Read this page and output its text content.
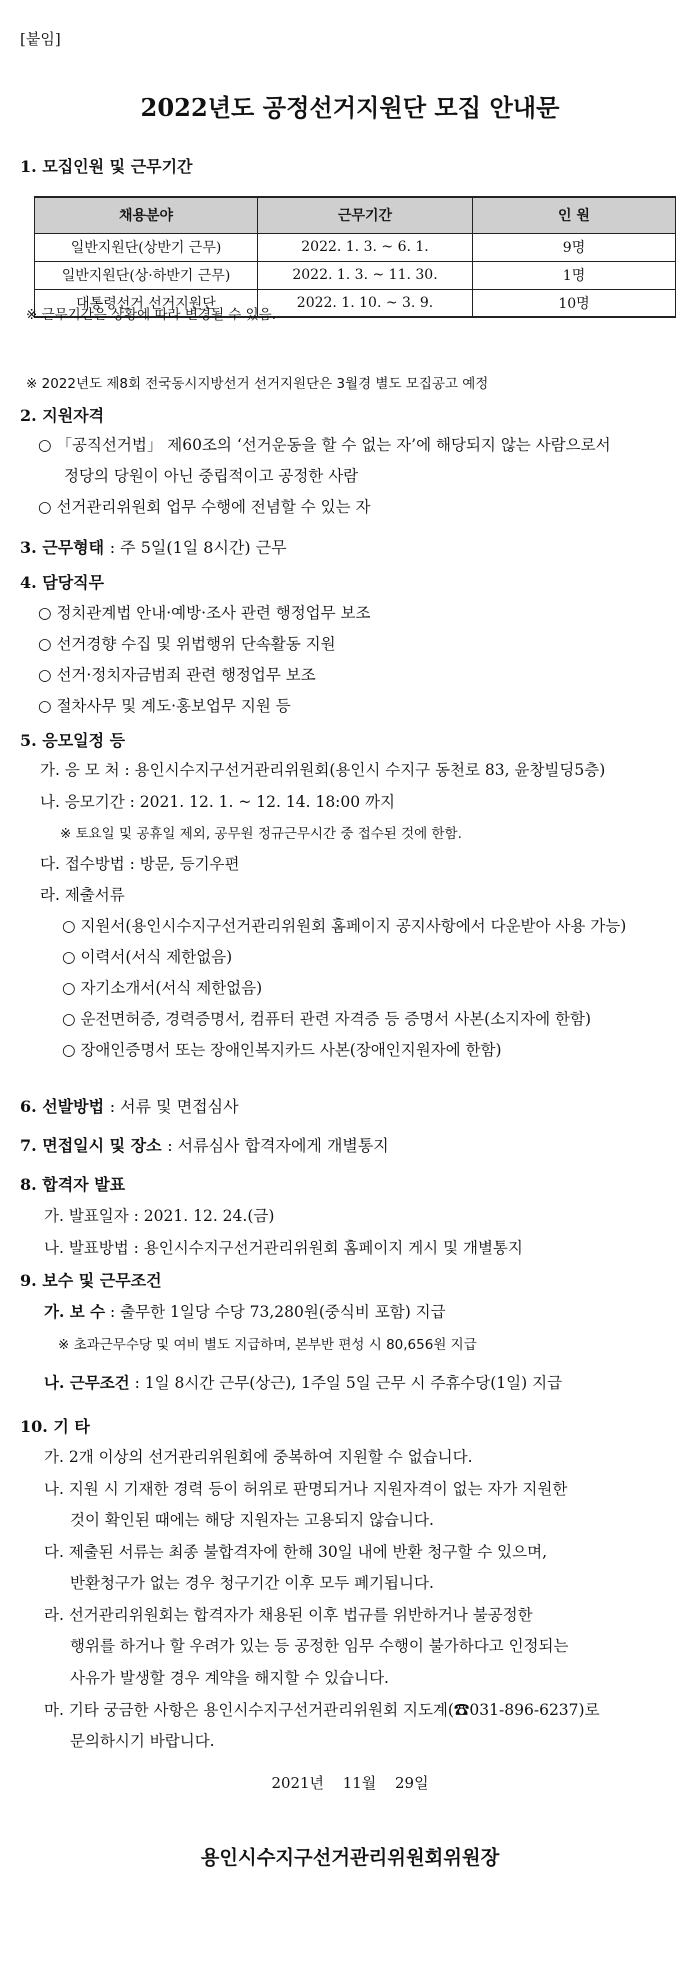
[붙임]
2022년도 공정선거지원단 모집 안내문
1. 모집인원 및 근무기간
채용분야	근무기간	인 원
일반지원단(상반기 근무)	2022. 1. 3. ~ 6. 1.	9명
일반지원단(상·하반기 근무)	2022. 1. 3. ~ 11. 30.	1명
대통령선거 선거지원단	2022. 1. 10. ~ 3. 9.	10명
※ 근무기간은 상황에 따라 변경될 수 있음.
※ 2022년도 제8회 전국동시지방선거 선거지원단은 3월경 별도 모집공고 예정
2. 지원자격
○ 「공직선거법」 제60조의 ‘선거운동을 할 수 없는 자’에 해당되지 않는 사람으로서
정당의 당원이 아닌 중립적이고 공정한 사람
○ 선거관리위원회 업무 수행에 전념할 수 있는 자
3. 근무형태 : 주 5일(1일 8시간) 근무
4. 담당직무
○ 정치관계법 안내·예방·조사 관련 행정업무 보조
○ 선거경향 수집 및 위법행위 단속활동 지원
○ 선거·정치자금범죄 관련 행정업무 보조
○ 절차사무 및 계도·홍보업무 지원 등
5. 응모일정 등
가. 응 모 처 : 용인시수지구선거관리위원회(용인시 수지구 동천로 83, 윤창빌딩5층)
나. 응모기간 : 2021. 12. 1. ~ 12. 14. 18:00 까지
※ 토요일 및 공휴일 제외, 공무원 정규근무시간 중 접수된 것에 한함.
다. 접수방법 : 방문, 등기우편
라. 제출서류
○ 지원서(용인시수지구선거관리위원회 홈페이지 공지사항에서 다운받아 사용 가능)
○ 이력서(서식 제한없음)
○ 자기소개서(서식 제한없음)
○ 운전면허증, 경력증명서, 컴퓨터 관련 자격증 등 증명서 사본(소지자에 한함)
○ 장애인증명서 또는 장애인복지카드 사본(장애인지원자에 한함)
6. 선발방법 : 서류 및 면접심사
7. 면접일시 및 장소 : 서류심사 합격자에게 개별통지
8. 합격자 발표
가. 발표일자 : 2021. 12. 24.(금)
나. 발표방법 : 용인시수지구선거관리위원회 홈페이지 게시 및 개별통지
9. 보수 및 근무조건
가. 보 수 : 출무한 1일당 수당 73,280원(중식비 포함) 지급
※ 초과근무수당 및 여비 별도 지급하며, 본부반 편성 시 80,656원 지급
나. 근무조건 : 1일 8시간 근무(상근), 1주일 5일 근무 시 주휴수당(1일) 지급
10. 기 타
가. 2개 이상의 선거관리위원회에 중복하여 지원할 수 없습니다.
나. 지원 시 기재한 경력 등이 허위로 판명되거나 지원자격이 없는 자가 지원한
것이 확인된 때에는 해당 지원자는 고용되지 않습니다.
다. 제출된 서류는 최종 불합격자에 한해 30일 내에 반환 청구할 수 있으며,
반환청구가 없는 경우 청구기간 이후 모두 폐기됩니다.
라. 선거관리위원회는 합격자가 채용된 이후 법규를 위반하거나 불공정한
행위를 하거나 할 우려가 있는 등 공정한 임무 수행이 불가하다고 인정되는
사유가 발생할 경우 계약을 해지할 수 있습니다.
마. 기타 궁금한 사항은 용인시수지구선거관리위원회 지도계(☎031-896-6237)로
문의하시기 바랍니다.
2021년 11월 29일
용인시수지구선거관리위원회위원장
